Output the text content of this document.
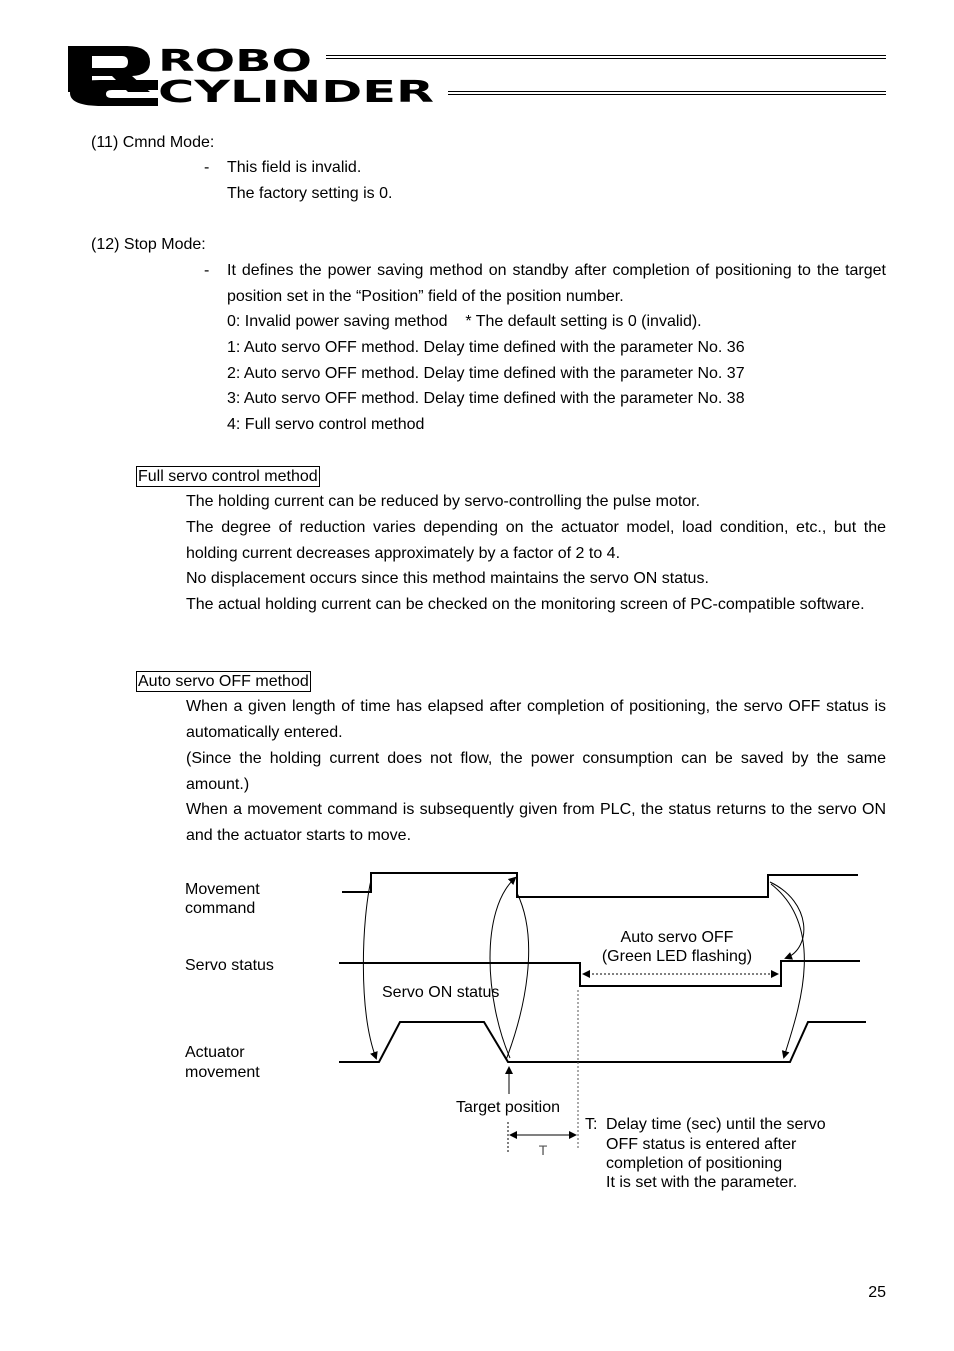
ROBO
CYLINDER
(11) Cmnd Mode:
- This field is invalid.
The factory setting is 0.
(12) Stop Mode:
- It defines the power saving method on standby after completion of positioning to the target position set in the “Position” field of the position number.
0: Invalid power saving method    * The default setting is 0 (invalid).
1: Auto servo OFF method. Delay time defined with the parameter No. 36
2: Auto servo OFF method. Delay time defined with the parameter No. 37
3: Auto servo OFF method. Delay time defined with the parameter No. 38
4: Full servo control method
Full servo control method
The holding current can be reduced by servo-controlling the pulse motor.
The degree of reduction varies depending on the actuator model, load condition, etc., but the holding current decreases approximately by a factor of 2 to 4.
No displacement occurs since this method maintains the servo ON status.
The actual holding current can be checked on the monitoring screen of PC-compatible software.
Auto servo OFF method
When a given length of time has elapsed after completion of positioning, the servo OFF status is automatically entered.
(Since the holding current does not flow, the power consumption can be saved by the same amount.)
When a movement command is subsequently given from PLC, the status returns to the servo ON and the actuator starts to move.
Movement
command
Servo status
Actuator
movement
Auto servo OFF
(Green LED flashing)
Servo ON status
Target position
T
T: Delay time (sec) until the servo
OFF status is entered after
completion of positioning
It is set with the parameter.
25
